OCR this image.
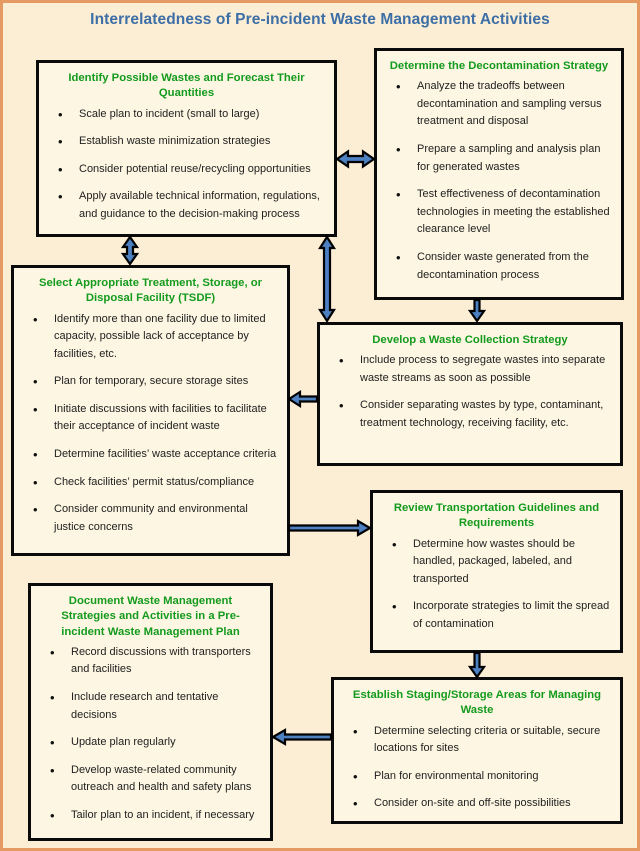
Interrelatedness of Pre-incident Waste Management Activities
Identify Possible Wastes and Forecast Their Quantities
• Scale plan to incident (small to large)
• Establish waste minimization strategies
• Consider potential reuse/recycling opportunities
• Apply available technical information, regulations, and guidance to the decision-making process
Determine the Decontamination Strategy
• Analyze the tradeoffs between decontamination and sampling versus treatment and disposal
• Prepare a sampling and analysis plan for generated wastes
• Test effectiveness of decontamination technologies in meeting the established clearance level
• Consider waste generated from the decontamination process
Select Appropriate Treatment, Storage, or Disposal Facility (TSDF)
• Identify more than one facility due to limited capacity, possible lack of acceptance by facilities, etc.
• Plan for temporary, secure storage sites
• Initiate discussions with facilities to facilitate their acceptance of incident waste
• Determine facilities’ waste acceptance criteria
• Check facilities’ permit status/compliance
• Consider community and environmental justice concerns
Develop a Waste Collection Strategy
• Include process to segregate wastes into separate waste streams as soon as possible
• Consider separating wastes by type, contaminant, treatment technology, receiving facility, etc.
Review Transportation Guidelines and Requirements
• Determine how wastes should be handled, packaged, labeled, and transported
• Incorporate strategies to limit the spread of contamination
Establish Staging/Storage Areas for Managing Waste
• Determine selecting criteria or suitable, secure locations for sites
• Plan for environmental monitoring
• Consider on-site and off-site possibilities
Document Waste Management Strategies and Activities in a Pre-incident Waste Management Plan
• Record discussions with transporters and facilities
• Include research and tentative decisions
• Update plan regularly
• Develop waste-related community outreach and health and safety plans
• Tailor plan to an incident, if necessary
